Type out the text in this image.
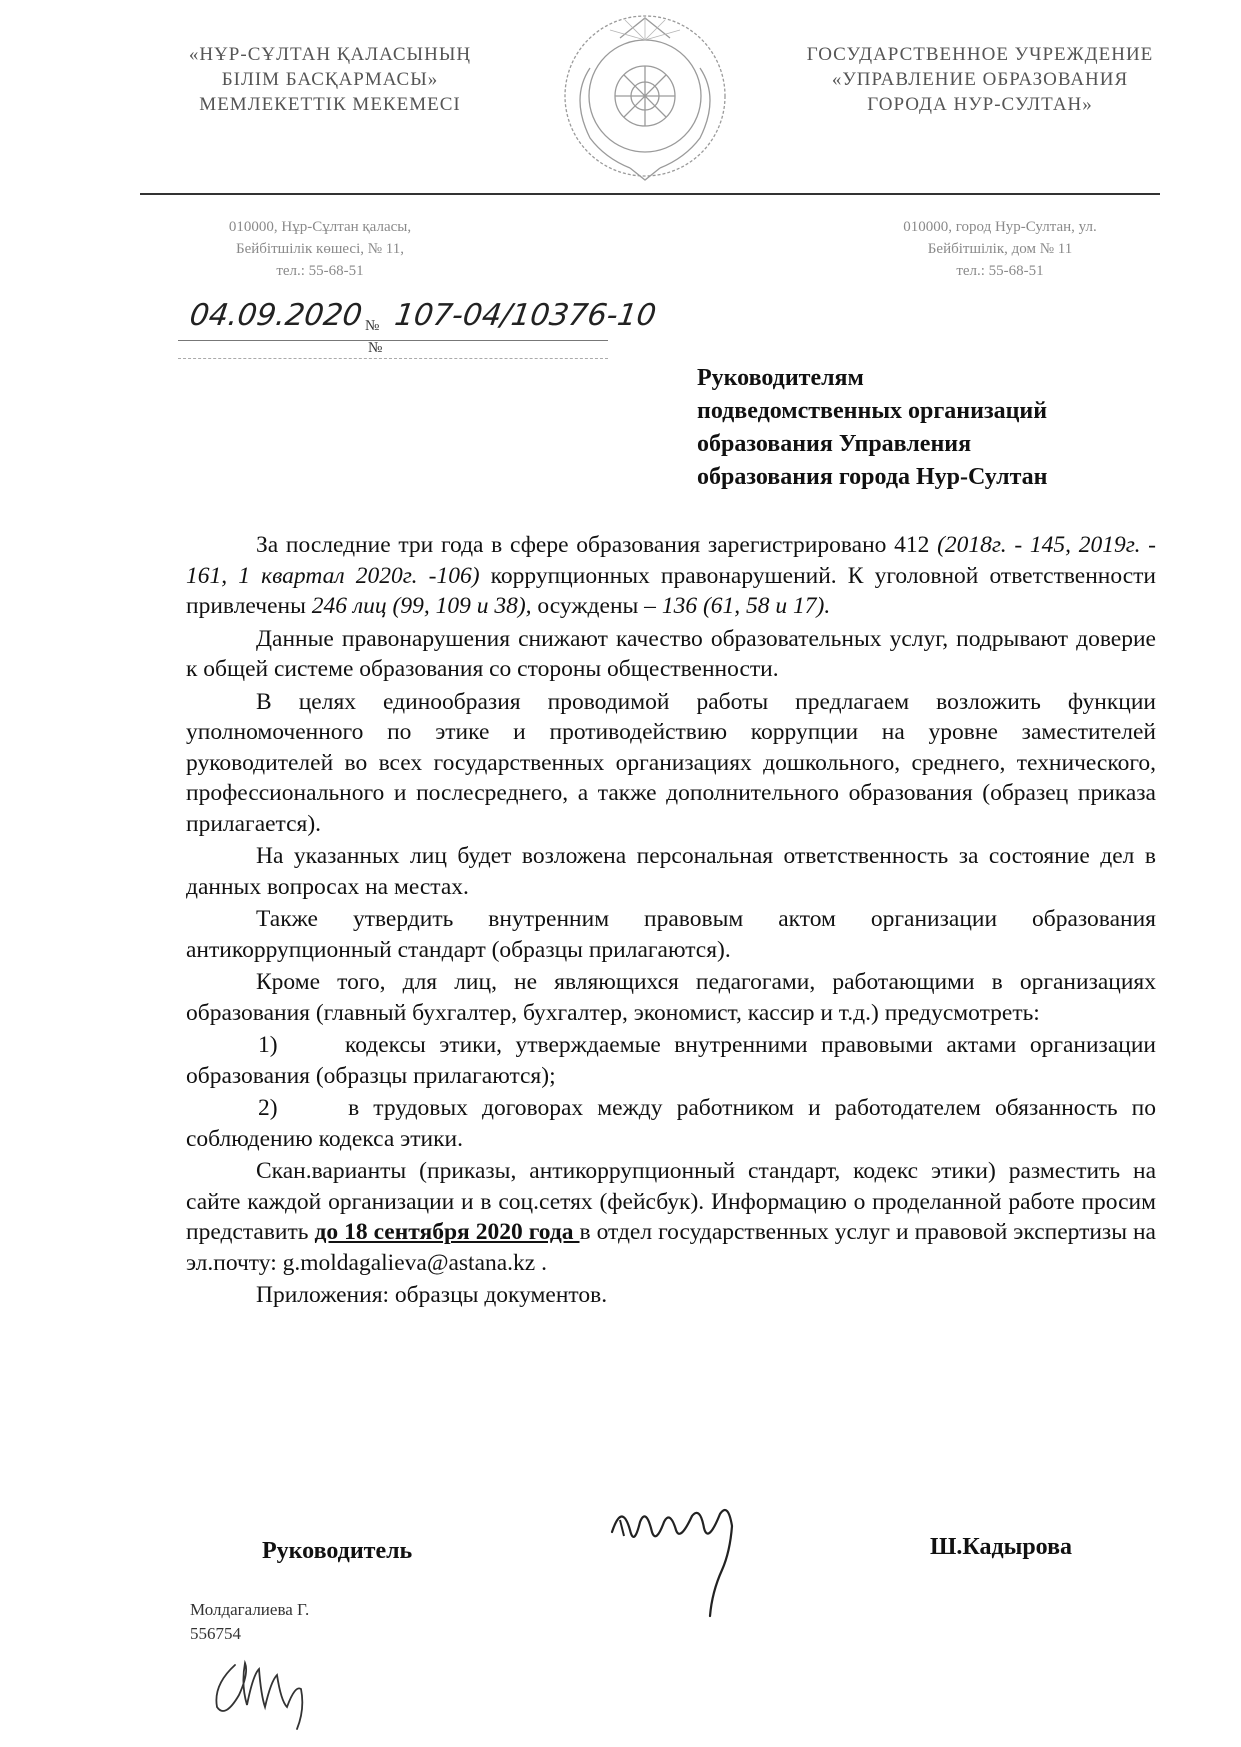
«НҰР-СҰЛТАН ҚАЛАСЫНЫҢ
БІЛІМ БАСҚАРМАСЫ»
МЕМЛЕКЕТТІК МЕКЕМЕСІ
ГОСУДАРСТВЕННОЕ УЧРЕЖДЕНИЕ
«УПРАВЛЕНИЕ ОБРАЗОВАНИЯ
ГОРОДА НУР-СУЛТАН»
010000, Нұр-Сұлтан қаласы,
Бейбітшілік көшесі, № 11,
тел.: 55-68-51
010000, город Нур-Султан, ул.
Бейбітшілік, дом № 11
тел.: 55-68-51
04.09.2020 №
№
107-04/10376-10
Руководителям
подведомственных организаций
образования Управления
образования города Нур-Султан

За последние три года в сфере образования зарегистрировано 412 (2018г. - 145, 2019г. - 161, 1 квартал 2020г. -106) коррупционных правонарушений. К уголовной ответственности привлечены 246 лиц (99, 109 и 38), осуждены – 136 (61, 58 и 17).

Данные правонарушения снижают качество образовательных услуг, подрывают доверие к общей системе образования со стороны общественности.

В целях единообразия проводимой работы предлагаем возложить функции уполномоченного по этике и противодействию коррупции на уровне заместителей руководителей во всех государственных организациях дошкольного, среднего, технического, профессионального и послесреднего, а также дополнительного образования (образец приказа прилагается).

На указанных лиц будет возложена персональная ответственность за состояние дел в данных вопросах на местах.

Также утвердить внутренним правовым актом организации образования антикоррупционный стандарт (образцы прилагаются).

Кроме того, для лиц, не являющихся педагогами, работающими в организациях образования (главный бухгалтер, бухгалтер, экономист, кассир и т.д.) предусмотреть:

1)	кодексы этики, утверждаемые внутренними правовыми актами организации образования (образцы прилагаются);

2)	в трудовых договорах между работником и работодателем обязанность по соблюдению кодекса этики.

Скан.варианты (приказы, антикоррупционный стандарт, кодекс этики) разместить на сайте каждой организации и в соц.сетях (фейсбук). Информацию о проделанной работе просим представить до 18 сентября 2020 года в отдел государственных услуг и правовой экспертизы на эл.почту: g.moldagalieva@astana.kz .

Приложения: образцы документов.

Руководитель	Ш.Кадырова
Молдагалиева Г.
556754
